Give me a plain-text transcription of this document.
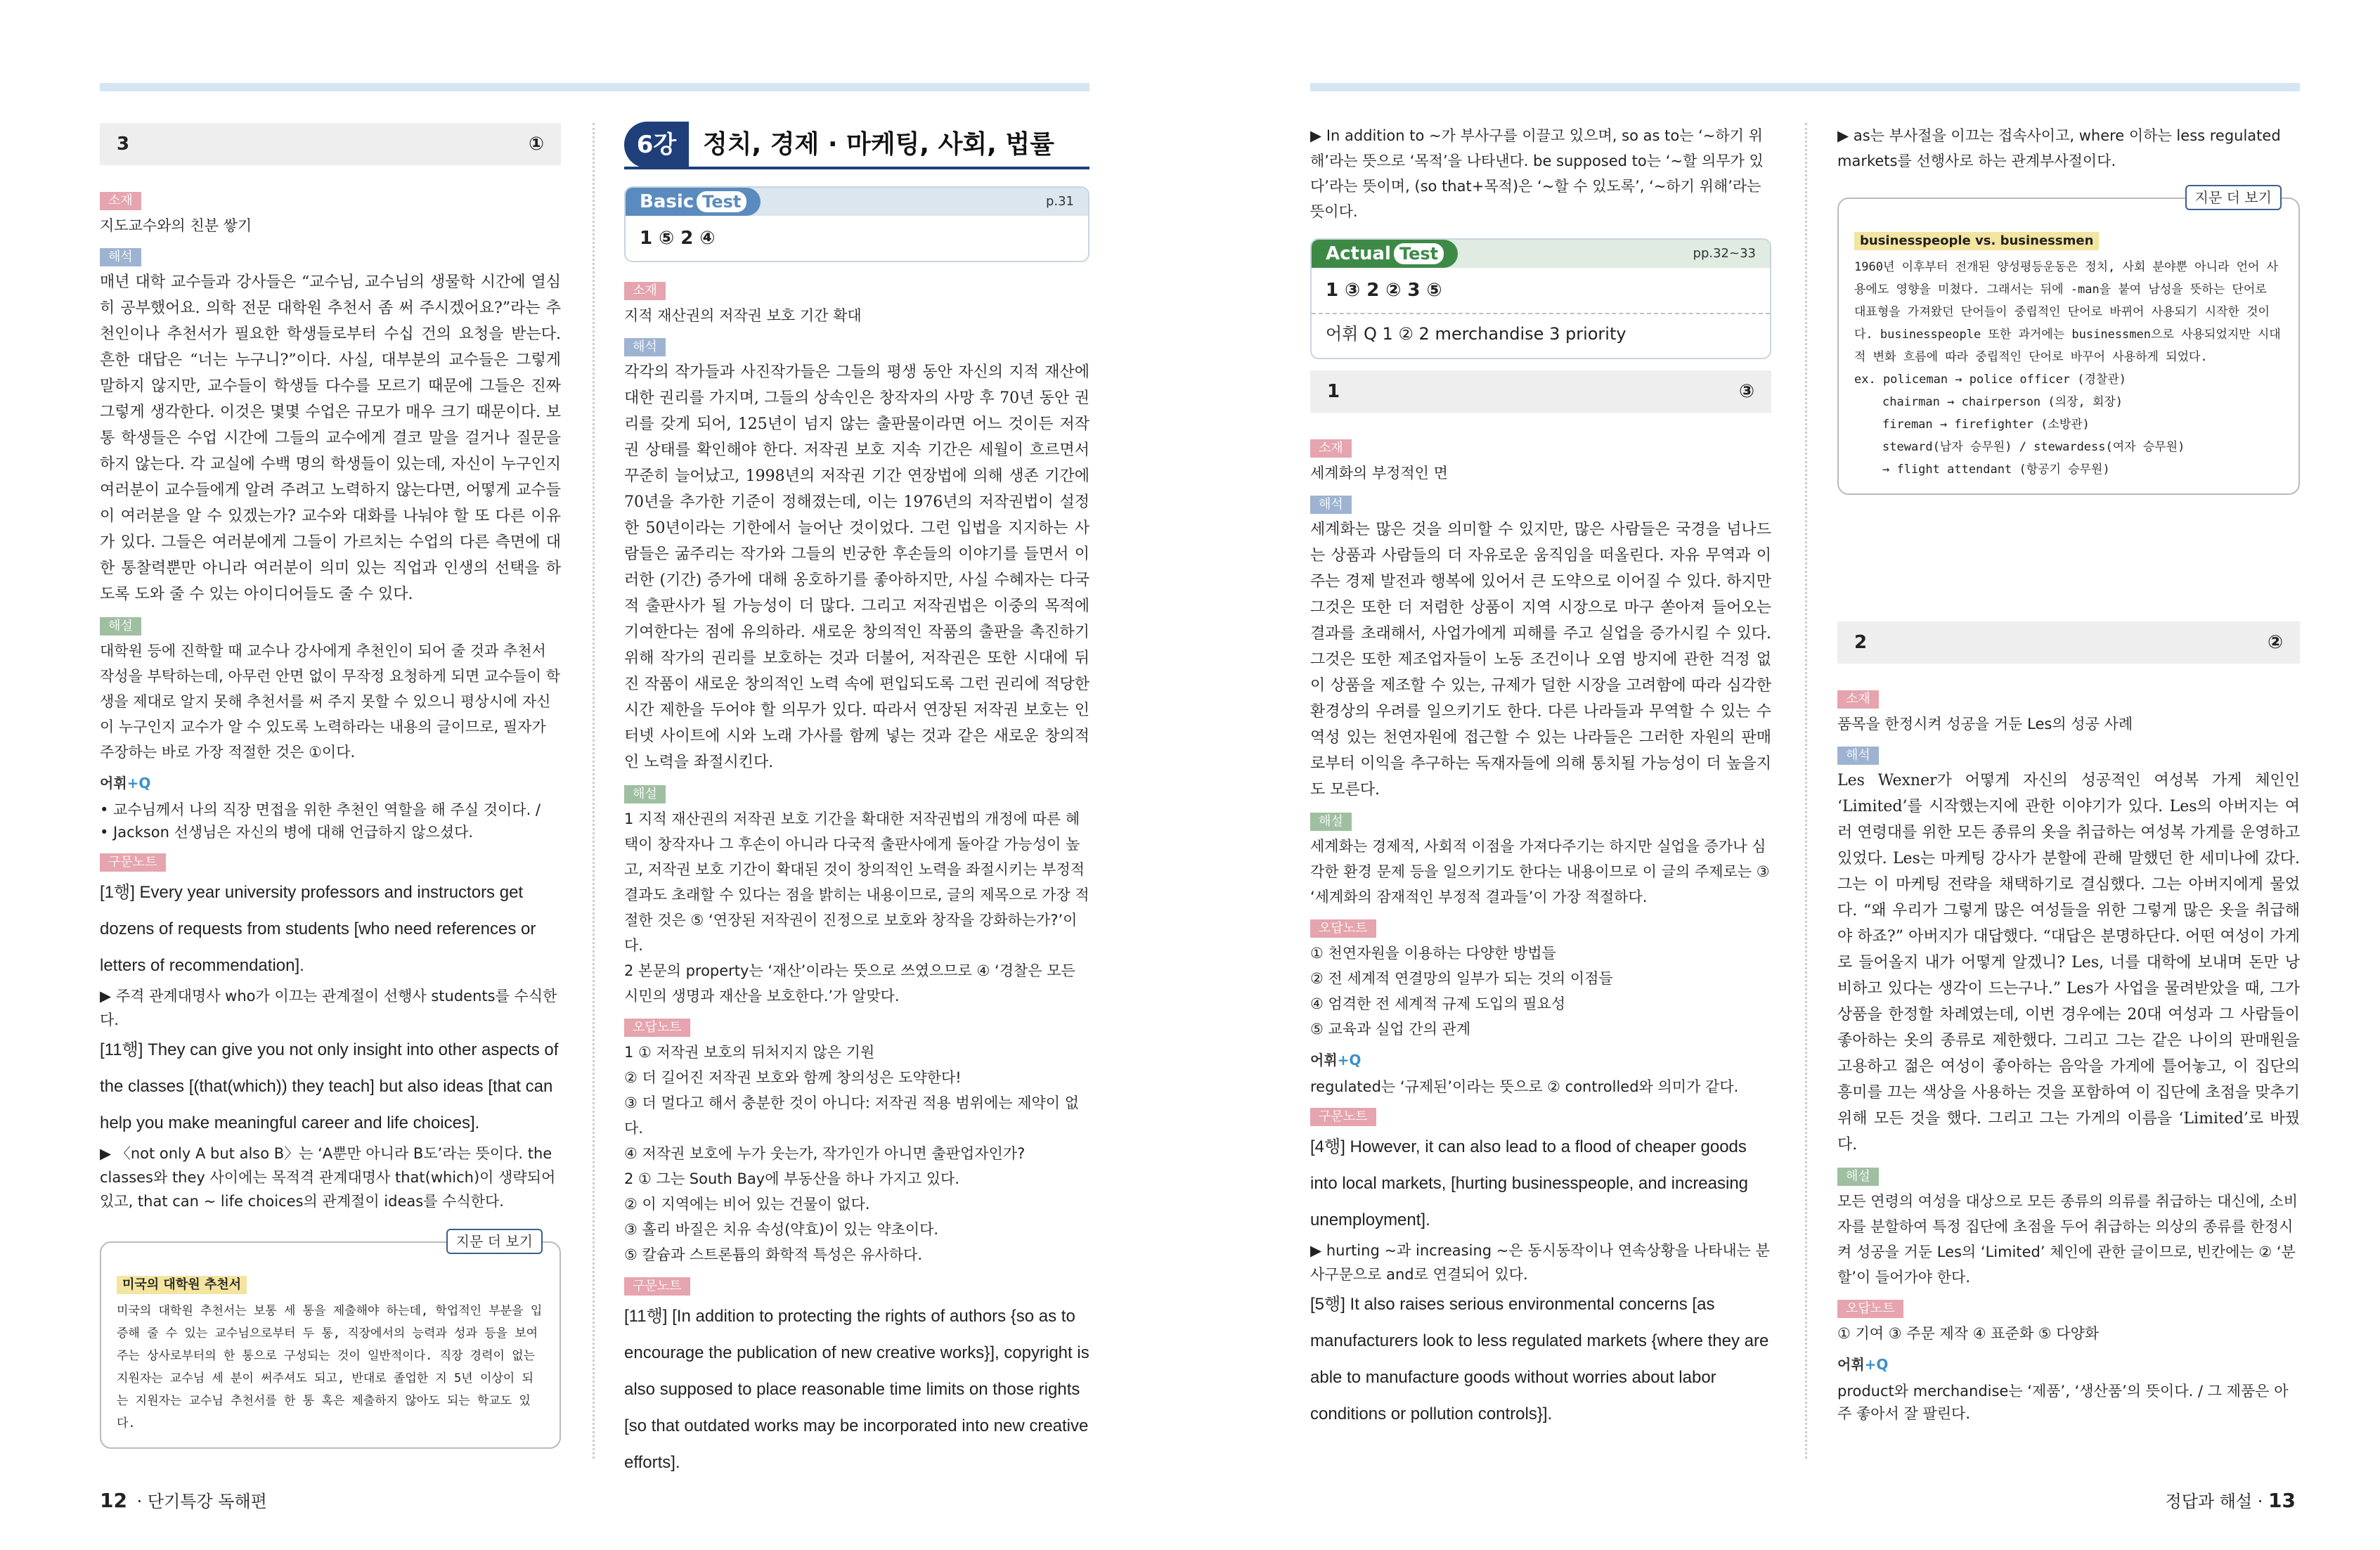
3	①
소재

지도교수와의 친분 쌓기

해석

매년 대학 교수들과 강사들은 “교수님, 교수님의 생물학 시간에 열심히 공부했어요. 의학 전문 대학원 추천서 좀 써 주시겠어요?”라는 추천인이나 추천서가 필요한 학생들로부터 수십 건의 요청을 받는다. 흔한 대답은 “너는 누구니?”이다. 사실, 대부분의 교수들은 그렇게 말하지 않지만, 교수들이 학생들 다수를 모르기 때문에 그들은 진짜 그렇게 생각한다. 이것은 몇몇 수업은 규모가 매우 크기 때문이다. 보통 학생들은 수업 시간에 그들의 교수에게 결코 말을 걸거나 질문을 하지 않는다. 각 교실에 수백 명의 학생들이 있는데, 자신이 누구인지 여러분이 교수들에게 알려 주려고 노력하지 않는다면, 어떻게 교수들이 여러분을 알 수 있겠는가? 교수와 대화를 나눠야 할 또 다른 이유가 있다. 그들은 여러분에게 그들이 가르치는 수업의 다른 측면에 대한 통찰력뿐만 아니라 여러분이 의미 있는 직업과 인생의 선택을 하도록 도와 줄 수 있는 아이디어들도 줄 수 있다.

해설

대학원 등에 진학할 때 교수나 강사에게 추천인이 되어 줄 것과 추천서 작성을 부탁하는데, 아무런 안면 없이 무작정 요청하게 되면 교수들이 학생을 제대로 알지 못해 추천서를 써 주지 못할 수 있으니 평상시에 자신이 누구인지 교수가 알 수 있도록 노력하라는 내용의 글이므로, 필자가 주장하는 바로 가장 적절한 것은 ①이다.

어휘+Q

• 교수님께서 나의 직장 면접을 위한 추천인 역할을 해 주실 것이다. /

• Jackson 선생님은 자신의 병에 대해 언급하지 않으셨다.

구문노트

[1행] Every year university professors and instructors get dozens of requests from students [who need references or letters of recommendation].

▶ 주격 관계대명사 who가 이끄는 관계절이 선행사 students를 수식한다.

[11행] They can give you not only insight into other aspects of the classes [(that(which)) they teach] but also ideas [that can help you make meaningful career and life choices].

▶ 〈not only A but also B〉는 ‘A뿐만 아니라 B도’라는 뜻이다. the classes와 they 사이에는 목적격 관계대명사 that(which)이 생략되어 있고, that can ~ life choices의 관계절이 ideas를 수식한다.

지문 더 보기
미국의 대학원 추천서

미국의 대학원 추천서는 보통 세 통을 제출해야 하는데, 학업적인 부분을 입증해 줄 수 있는 교수님으로부터 두 통, 직장에서의 능력과 성과 등을 보여 주는 상사로부터의 한 통으로 구성되는 것이 일반적이다. 직장 경력이 없는 지원자는 교수님 세 분이 써주셔도 되고, 반대로 졸업한 지 5년 이상이 되는 지원자는 교수님 추천서를 한 통 혹은 제출하지 않아도 되는 학교도 있다.

6강	정치, 경제 · 마케팅, 사회, 법률
Basic Test	p.31
1 ⑤ 2 ④
소재

지적 재산권의 저작권 보호 기간 확대

해석

각각의 작가들과 사진작가들은 그들의 평생 동안 자신의 지적 재산에 대한 권리를 가지며, 그들의 상속인은 창작자의 사망 후 70년 동안 권리를 갖게 되어, 125년이 넘지 않는 출판물이라면 어느 것이든 저작권 상태를 확인해야 한다. 저작권 보호 지속 기간은 세월이 흐르면서 꾸준히 늘어났고, 1998년의 저작권 기간 연장법에 의해 생존 기간에 70년을 추가한 기준이 정해졌는데, 이는 1976년의 저작권법이 설정한 50년이라는 기한에서 늘어난 것이었다. 그런 입법을 지지하는 사람들은 굶주리는 작가와 그들의 빈궁한 후손들의 이야기를 들면서 이러한 (기간) 증가에 대해 옹호하기를 좋아하지만, 사실 수혜자는 다국적 출판사가 될 가능성이 더 많다. 그리고 저작권법은 이중의 목적에 기여한다는 점에 유의하라. 새로운 창의적인 작품의 출판을 촉진하기 위해 작가의 권리를 보호하는 것과 더불어, 저작권은 또한 시대에 뒤진 작품이 새로운 창의적인 노력 속에 편입되도록 그런 권리에 적당한 시간 제한을 두어야 할 의무가 있다. 따라서 연장된 저작권 보호는 인터넷 사이트에 시와 노래 가사를 함께 넣는 것과 같은 새로운 창의적인 노력을 좌절시킨다.

해설

1 지적 재산권의 저작권 보호 기간을 확대한 저작권법의 개정에 따른 혜택이 창작자나 그 후손이 아니라 다국적 출판사에게 돌아갈 가능성이 높고, 저작권 보호 기간이 확대된 것이 창의적인 노력을 좌절시키는 부정적 결과도 초래할 수 있다는 점을 밝히는 내용이므로, 글의 제목으로 가장 적절한 것은 ⑤ ‘연장된 저작권이 진정으로 보호와 창작을 강화하는가?’이다.

2 본문의 property는 ‘재산’이라는 뜻으로 쓰였으므로 ④ ‘경찰은 모든 시민의 생명과 재산을 보호한다.’가 알맞다.

오답노트

1 ① 저작권 보호의 뒤처지지 않은 기원

② 더 길어진 저작권 보호와 함께 창의성은 도약한다!

③ 더 멀다고 해서 충분한 것이 아니다: 저작권 적용 범위에는 제약이 없다.

④ 저작권 보호에 누가 웃는가, 작가인가 아니면 출판업자인가?

2 ① 그는 South Bay에 부동산을 하나 가지고 있다.

② 이 지역에는 비어 있는 건물이 없다.

③ 홀리 바질은 치유 속성(약효)이 있는 약초이다.

⑤ 칼슘과 스트론튬의 화학적 특성은 유사하다.

구문노트

[11행] [In addition to protecting the rights of authors {so as to encourage the publication of new creative works}], copyright is also supposed to place reasonable time limits on those rights [so that outdated works may be incorporated into new creative efforts].

▶ In addition to ~가 부사구를 이끌고 있으며, so as to는 ‘~하기 위해’라는 뜻으로 ‘목적’을 나타낸다. be supposed to는 ‘~할 의무가 있다’라는 뜻이며, (so that+목적)은 ‘~할 수 있도록’, ‘~하기 위해’라는 뜻이다.

Actual Test	pp.32~33
1 ③ 2 ② 3 ⑤
어휘 Q 1 ② 2 merchandise 3 priority
1	③
소재

세계화의 부정적인 면

해석

세계화는 많은 것을 의미할 수 있지만, 많은 사람들은 국경을 넘나드는 상품과 사람들의 더 자유로운 움직임을 떠올린다. 자유 무역과 이주는 경제 발전과 행복에 있어서 큰 도약으로 이어질 수 있다. 하지만 그것은 또한 더 저렴한 상품이 지역 시장으로 마구 쏟아져 들어오는 결과를 초래해서, 사업가에게 피해를 주고 실업을 증가시킬 수 있다. 그것은 또한 제조업자들이 노동 조건이나 오염 방지에 관한 걱정 없이 상품을 제조할 수 있는, 규제가 덜한 시장을 고려함에 따라 심각한 환경상의 우려를 일으키기도 한다. 다른 나라들과 무역할 수 있는 수역성 있는 천연자원에 접근할 수 있는 나라들은 그러한 자원의 판매로부터 이익을 추구하는 독재자들에 의해 통치될 가능성이 더 높을지도 모른다.

해설

세계화는 경제적, 사회적 이점을 가져다주기는 하지만 실업을 증가나 심각한 환경 문제 등을 일으키기도 한다는 내용이므로 이 글의 주제로는 ③ ‘세계화의 잠재적인 부정적 결과들’이 가장 적절하다.

오답노트

① 천연자원을 이용하는 다양한 방법들

② 전 세계적 연결망의 일부가 되는 것의 이점들

④ 엄격한 전 세계적 규제 도입의 필요성

⑤ 교육과 실업 간의 관계

어휘+Q

regulated는 ‘규제된’이라는 뜻으로 ② controlled와 의미가 같다.

구문노트

[4행] However, it can also lead to a flood of cheaper goods into local markets, [hurting businesspeople, and increasing unemployment].

▶ hurting ~과 increasing ~은 동시동작이나 연속상황을 나타내는 분사구문으로 and로 연결되어 있다.

[5행] It also raises serious environmental concerns [as manufacturers look to less regulated markets {where they are able to manufacture goods without worries about labor conditions or pollution controls}].

▶ as는 부사절을 이끄는 접속사이고, where 이하는 less regulated markets를 선행사로 하는 관계부사절이다.

지문 더 보기
businesspeople vs. businessmen

1960년 이후부터 전개된 양성평등운동은 정치, 사회 분야뿐 아니라 언어 사용에도 영향을 미쳤다. 그래서는 뒤에 -man을 붙여 남성을 뜻하는 단어로 대표형을 가져왔던 단어들이 중립적인 단어로 바뀌어 사용되기 시작한 것이다. businesspeople 또한 과거에는 businessmen으로 사용되었지만 시대적 변화 흐름에 따라 중립적인 단어로 바꾸어 사용하게 되었다.

ex. policeman → police officer (경찰관)

chairman → chairperson (의장, 회장)

fireman → firefighter (소방관)

steward(남자 승무원) / stewardess(여자 승무원)

→ flight attendant (항공기 승무원)

2	②
소재

품목을 한정시켜 성공을 거둔 Les의 성공 사례

해석

Les Wexner가 어떻게 자신의 성공적인 여성복 가게 체인인 ‘Limited’를 시작했는지에 관한 이야기가 있다. Les의 아버지는 여러 연령대를 위한 모든 종류의 옷을 취급하는 여성복 가게를 운영하고 있었다. Les는 마케팅 강사가 분할에 관해 말했던 한 세미나에 갔다. 그는 이 마케팅 전략을 채택하기로 결심했다. 그는 아버지에게 물었다. “왜 우리가 그렇게 많은 여성들을 위한 그렇게 많은 옷을 취급해야 하죠?” 아버지가 대답했다. “대답은 분명하단다. 어떤 여성이 가게로 들어올지 내가 어떻게 알겠니? Les, 너를 대학에 보내며 돈만 낭비하고 있다는 생각이 드는구나.” Les가 사업을 물려받았을 때, 그가 상품을 한정할 차례였는데, 이번 경우에는 20대 여성과 그 사람들이 좋아하는 옷의 종류로 제한했다. 그리고 그는 같은 나이의 판매원을 고용하고 젊은 여성이 좋아하는 음악을 가게에 틀어놓고, 이 집단의 흥미를 끄는 색상을 사용하는 것을 포함하여 이 집단에 초점을 맞추기 위해 모든 것을 했다. 그리고 그는 가게의 이름을 ‘Limited’로 바꿨다.

해설

모든 연령의 여성을 대상으로 모든 종류의 의류를 취급하는 대신에, 소비자를 분할하여 특정 집단에 초점을 두어 취급하는 의상의 종류를 한정시켜 성공을 거둔 Les의 ‘Limited’ 체인에 관한 글이므로, 빈칸에는 ② ‘분할’이 들어가야 한다.

오답노트

① 기여 ③ 주문 제작 ④ 표준화 ⑤ 다양화

어휘+Q

product와 merchandise는 ‘제품’, ‘생산품’의 뜻이다. / 그 제품은 아주 좋아서 잘 팔린다.

12 · 단기특강 독해편	정답과 해설 · 13
